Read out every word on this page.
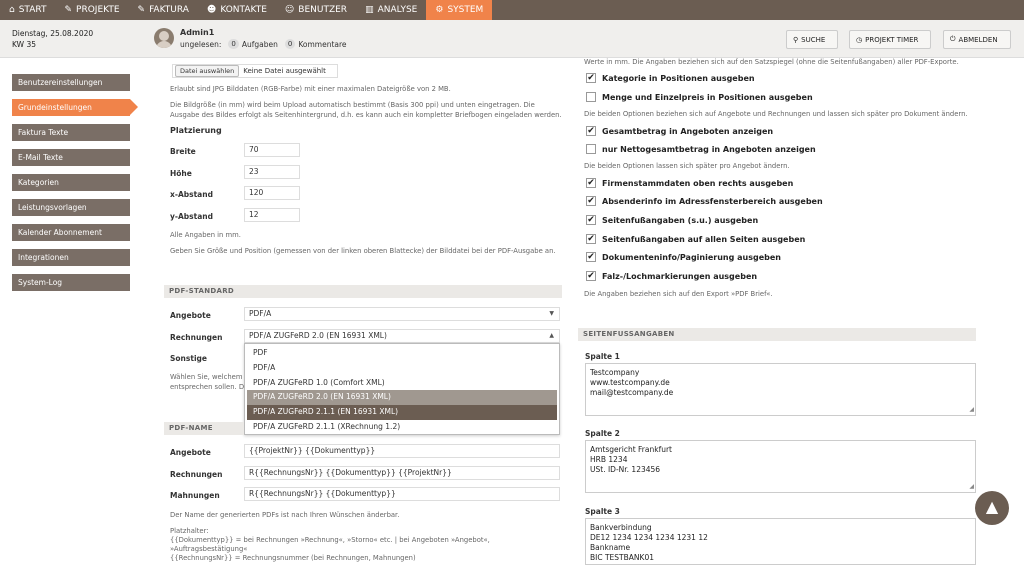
⌂ START ✎ PROJEKTE ✎ FAKTURA ☻ KONTAKTE ☺ BENUTZER ▥ ANALYSE ⚙ SYSTEM
Dienstag, 25.08.2020
KW 35
Admin1
ungelesen:	0 Aufgaben	0 Kommentare	⚲ SUCHE	◷ PROJEKT TIMER	⏻ ABMELDEN
Benutzereinstellungen
Grundeinstellungen
Faktura Texte
E-Mail Texte
Kategorien
Leistungsvorlagen
Kalender Abonnement
Integrationen
System-Log
Datei auswählen	Keine Datei ausgewählt
Erlaubt sind JPG Bilddaten (RGB-Farbe) mit einer maximalen Dateigröße von 2 MB.
Die Bildgröße (in mm) wird beim Upload automatisch bestimmt (Basis 300 ppi) und unten eingetragen. Die
Ausgabe des Bildes erfolgt als Seitenhintergrund, d.h. es kann auch ein kompletter Briefbogen eingeladen werden.
Platzierung
Breite	70
Höhe	23
x-Abstand	120
y-Abstand	12
Alle Angaben in mm.
Geben Sie Größe und Position (gemessen von der linken oberen Blattecke) der Bilddatei bei der PDF-Ausgabe an.
PDF-STANDARD
Angebote	PDF/A	▼
Rechnungen	PDF/A ZUGFeRD 2.0 (EN 16931 XML)	▲
Sonstige
Wählen Sie, welchem
entsprechen sollen. D
PDF
PDF/A
PDF/A ZUGFeRD 1.0 (Comfort XML)
PDF/A ZUGFeRD 2.0 (EN 16931 XML)
PDF/A ZUGFeRD 2.1.1 (EN 16931 XML)
PDF/A ZUGFeRD 2.1.1 (XRechnung 1.2)
PDF-NAME
Angebote	{{ProjektNr}} {{Dokumenttyp}}
Rechnungen	R{{RechnungsNr}} {{Dokumenttyp}} {{ProjektNr}}
Mahnungen	R{{RechnungsNr}} {{Dokumenttyp}}
Der Name der generierten PDFs ist nach Ihren Wünschen änderbar.
Platzhalter:
{{Dokumenttyp}} = bei Rechnungen »Rechnung«, »Storno« etc. | bei Angeboten »Angebot«,
»Auftragsbestätigung«
{{RechnungsNr}} = Rechnungsnummer (bei Rechnungen, Mahnungen)
Werte in mm. Die Angaben beziehen sich auf den Satzspiegel (ohne die Seitenfußangaben) aller PDF-Exporte.
✔ Kategorie in Positionen ausgeben
Menge und Einzelpreis in Positionen ausgeben
Die beiden Optionen beziehen sich auf Angebote und Rechnungen und lassen sich später pro Dokument ändern.
✔ Gesamtbetrag in Angeboten anzeigen
nur Nettogesamtbetrag in Angeboten anzeigen
Die beiden Optionen lassen sich später pro Angebot ändern.
✔ Firmenstammdaten oben rechts ausgeben
✔ Absenderinfo im Adressfensterbereich ausgeben
✔ Seitenfußangaben (s.u.) ausgeben
✔ Seitenfußangaben auf allen Seiten ausgeben
✔ Dokumenteninfo/Paginierung ausgeben
✔ Falz-/Lochmarkierungen ausgeben
Die Angaben beziehen sich auf den Export »PDF Brief«.
SEITENFUSSANGABEN
Spalte 1
Testcompany
www.testcompany.de
mail@testcompany.de
◢
Spalte 2
Amtsgericht Frankfurt
HRB 1234
USt. ID-Nr. 123456
◢
Spalte 3
Bankverbindung
DE12 1234 1234 1234 1231 12
Bankname
BIC TESTBANK01
▲
